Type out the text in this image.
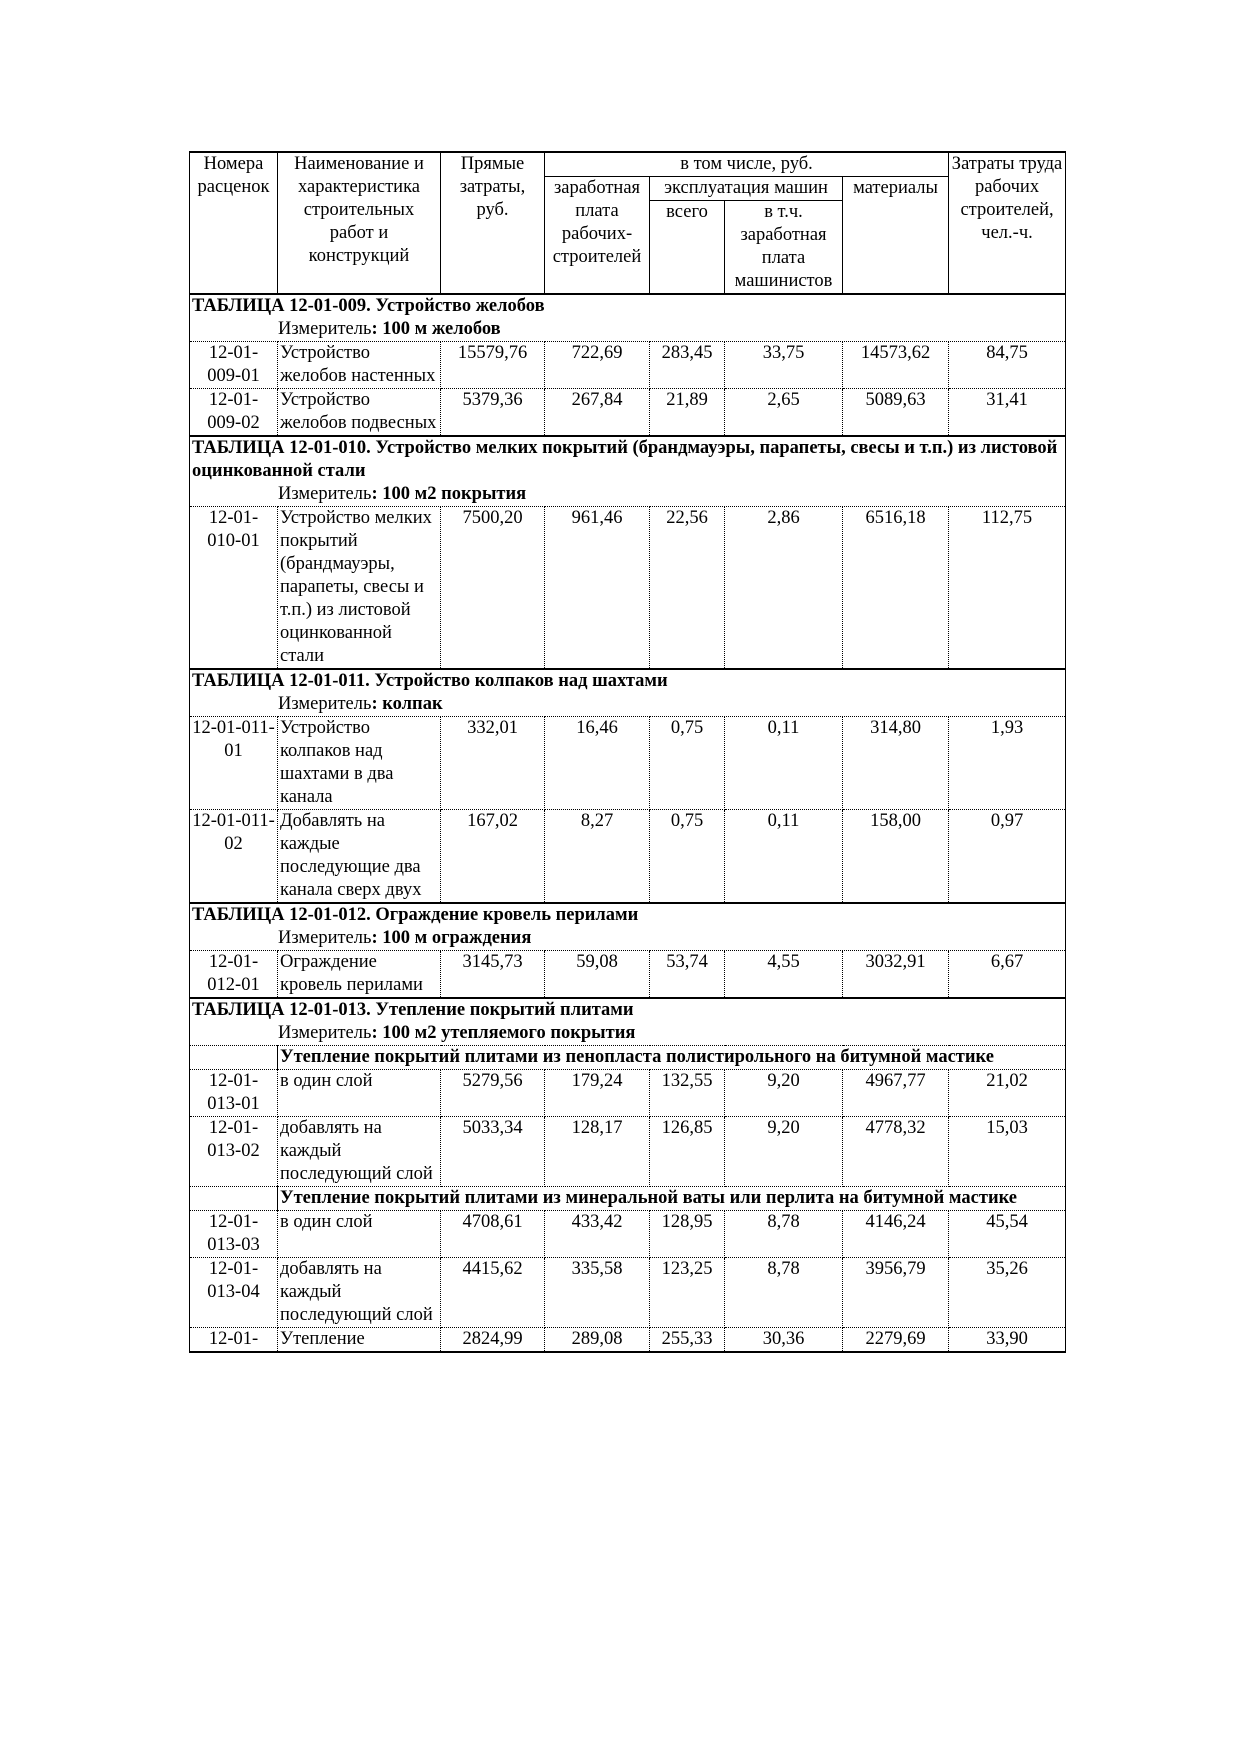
Номера расценок	Наименование и характеристика строительных работ и конструкций	Прямые затраты, руб.	в том числе, руб.				Затраты труда рабочих строителей, чел.-ч.
			заработная плата рабочих-строителей	эксплуатация машин		материалы	
				всего	в т.ч. заработная плата машинистов		
ТАБЛИЦА 12-01-009. Устройство желобов							
Измеритель: 100 м желобов							
12-01-009-01	Устройство желобов настенных	15579,76	722,69	283,45	33,75	14573,62	84,75
12-01-009-02	Устройство желобов подвесных	5379,36	267,84	21,89	2,65	5089,63	31,41
ТАБЛИЦА 12-01-010. Устройство мелких покрытий (брандмауэры, парапеты, свесы и т.п.) из листовой оцинкованной стали							
Измеритель: 100 м2 покрытия							
12-01-010-01	Устройство мелких покрытий (брандмауэры, парапеты, свесы и т.п.) из листовой оцинкованной стали	7500,20	961,46	22,56	2,86	6516,18	112,75
ТАБЛИЦА 12-01-011. Устройство колпаков над шахтами							
Измеритель: колпак							
12-01-011-01	Устройство колпаков над шахтами в два канала	332,01	16,46	0,75	0,11	314,80	1,93
12-01-011-02	Добавлять на каждые последующие два канала сверх двух	167,02	8,27	0,75	0,11	158,00	0,97
ТАБЛИЦА 12-01-012. Ограждение кровель перилами							
Измеритель: 100 м ограждения							
12-01-012-01	Ограждение кровель перилами	3145,73	59,08	53,74	4,55	3032,91	6,67
ТАБЛИЦА 12-01-013. Утепление покрытий плитами							
Измеритель: 100 м2 утепляемого покрытия							
	Утепление покрытий плитами из пенопласта полистирольного на битумной мастике						
12-01-013-01	в один слой	5279,56	179,24	132,55	9,20	4967,77	21,02
12-01-013-02	добавлять на каждый последующий слой	5033,34	128,17	126,85	9,20	4778,32	15,03
	Утепление покрытий плитами из минеральной ваты или перлита на битумной мастике						
12-01-013-03	в один слой	4708,61	433,42	128,95	8,78	4146,24	45,54
12-01-013-04	добавлять на каждый последующий слой	4415,62	335,58	123,25	8,78	3956,79	35,26
12-01-	Утепление	2824,99	289,08	255,33	30,36	2279,69	33,90
